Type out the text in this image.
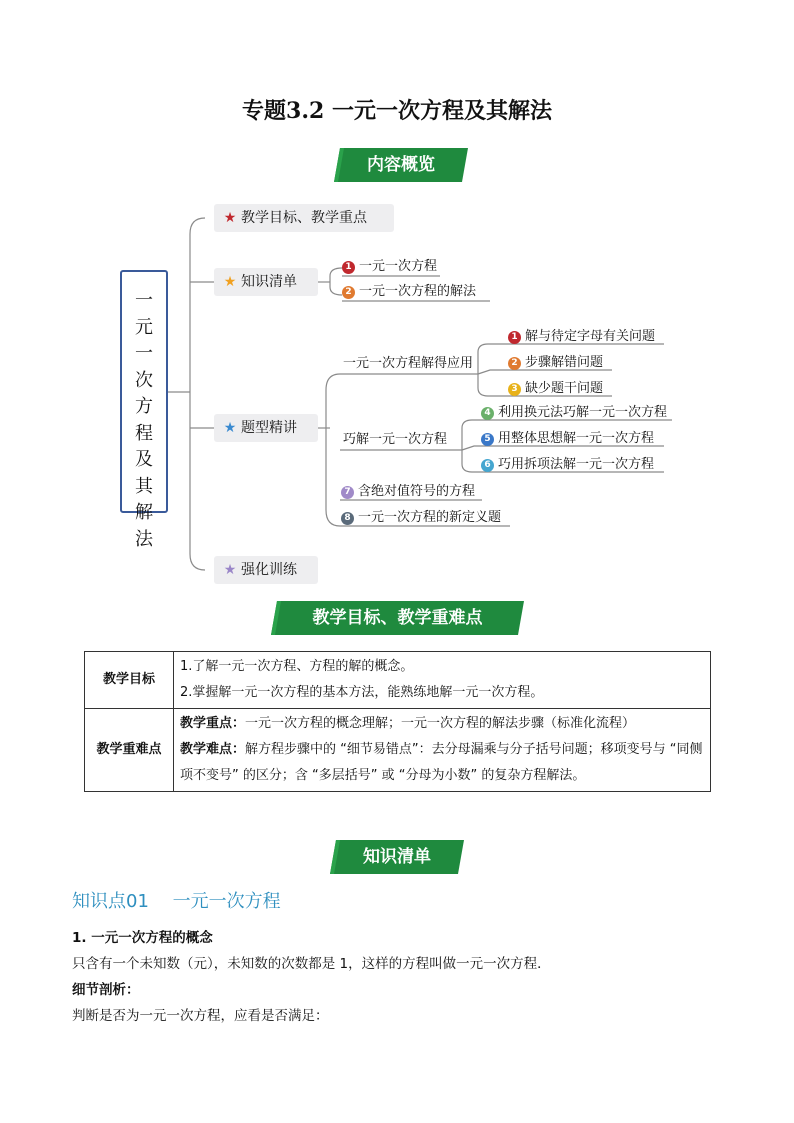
专题3.2 一元一次方程及其解法
内容概览
一元一次方程及其解法
★ 教学目标、教学重点
★ 知识清单
★ 题型精讲
★ 强化训练
1 一元一次方程
2 一元一次方程的解法
一元一次方程解得应用
巧解一元一次方程
1 解与待定字母有关问题
2 步骤解错问题
3 缺少题干问题
4 利用换元法巧解一元一次方程
5 用整体思想解一元一次方程
6 巧用拆项法解一元一次方程
7 含绝对值符号的方程
8 一元一次方程的新定义题
教学目标、教学重难点
教学目标	1.了解一元一次方程、方程的解的概念。
2.掌握解一元一次方程的基本方法，能熟练地解一元一次方程。

教学重难点	教学重点：一元一次方程的概念理解；一元一次方程的解法步骤（标准化流程）
教学难点：解方程步骤中的 “细节易错点”：去分母漏乘与分子括号问题；移项变号与 “同侧项不变号” 的区分；含 “多层括号” 或 “分母为小数” 的复杂方程解法。
知识清单
知识点01　 一元一次方程
1. 一元一次方程的概念
只含有一个未知数（元），未知数的次数都是 1，这样的方程叫做一元一次方程．
细节剖析：
判断是否为一元一次方程，应看是否满足：
